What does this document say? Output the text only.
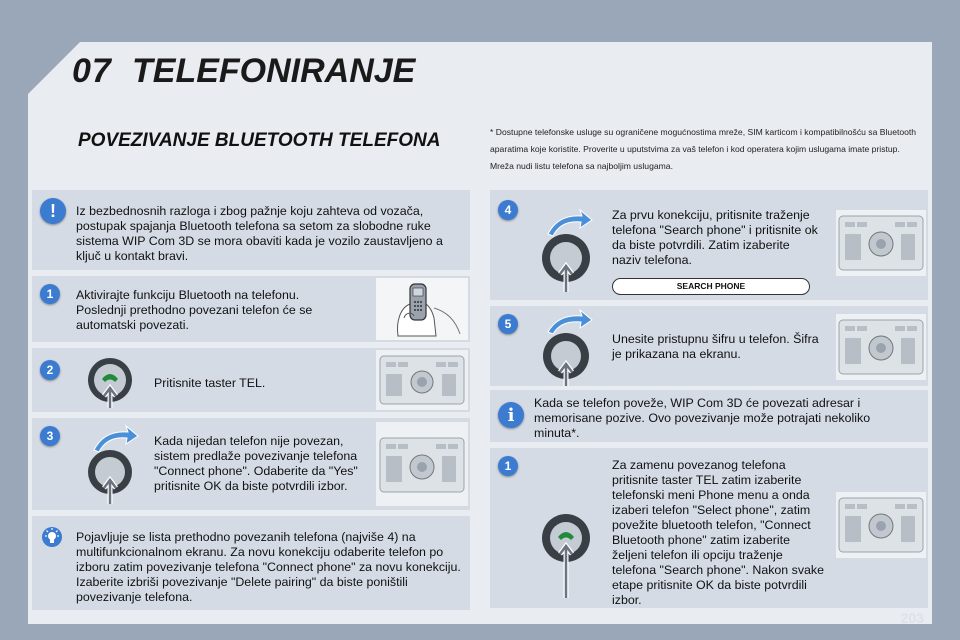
07 TELEFONIRANJE
POVEZIVANJE BLUETOOTH TELEFONA	* Dostupne telefonske usluge su ograničene mogućnostima mreže, SIM karticom i kompatibilnošću sa Bluetooth aparatima koje koristite. Proverite u uputstvima za vaš telefon i kod operatera kojim uslugama imate pristup. Mreža nudi listu telefona sa najboljim uslugama.
!	Iz bezbednosnih razloga i zbog pažnje koju zahteva od vozača, postupak spajanja Bluetooth telefona sa setom za slobodne ruke sistema WIP Com 3D se mora obaviti kada je vozilo zaustavljeno a ključ u kontakt bravi.
1	Aktivirajte funkciju Bluetooth na telefonu. Poslednji prethodno povezani telefon će se automatski povezati.
2
Pritisnite taster TEL.
3	Kada nijedan telefon nije povezan, sistem predlaže povezivanje telefona "Connect phone". Odaberite da "Yes" pritisnite OK da biste potvrdili izbor.
Pojavljuje se lista prethodno povezanih telefona (najviše 4) na multifunkcionalnom ekranu. Za novu konekciju odaberite telefon po izboru zatim povezivanje telefona "Connect phone" za novu konekciju. Izaberite izbriši povezivanje "Delete pairing" da biste poništili povezivanje telefona.
4	Za prvu konekciju, pritisnite traženje telefona "Search phone" i pritisnite ok da biste potvrdili. Zatim izaberite naziv telefona.
SEARCH PHONE
5
Unesite pristupnu šifru u telefon. Šifra je prikazana na ekranu.
i
Kada se telefon poveže, WIP Com 3D će povezati adresar i memorisane pozive. Ovo povezivanje može potrajati nekoliko minuta*.
1	Za zamenu povezanog telefona pritisnite taster TEL zatim izaberite telefonski meni Phone menu a onda izaberi telefon "Select phone", zatim povežite bluetooth telefon, "Connect Bluetooth phone" zatim izaberite željeni telefon ili opciju traženje telefona "Search phone". Nakon svake etape pritisnite OK da biste potvrdili izbor.
203
